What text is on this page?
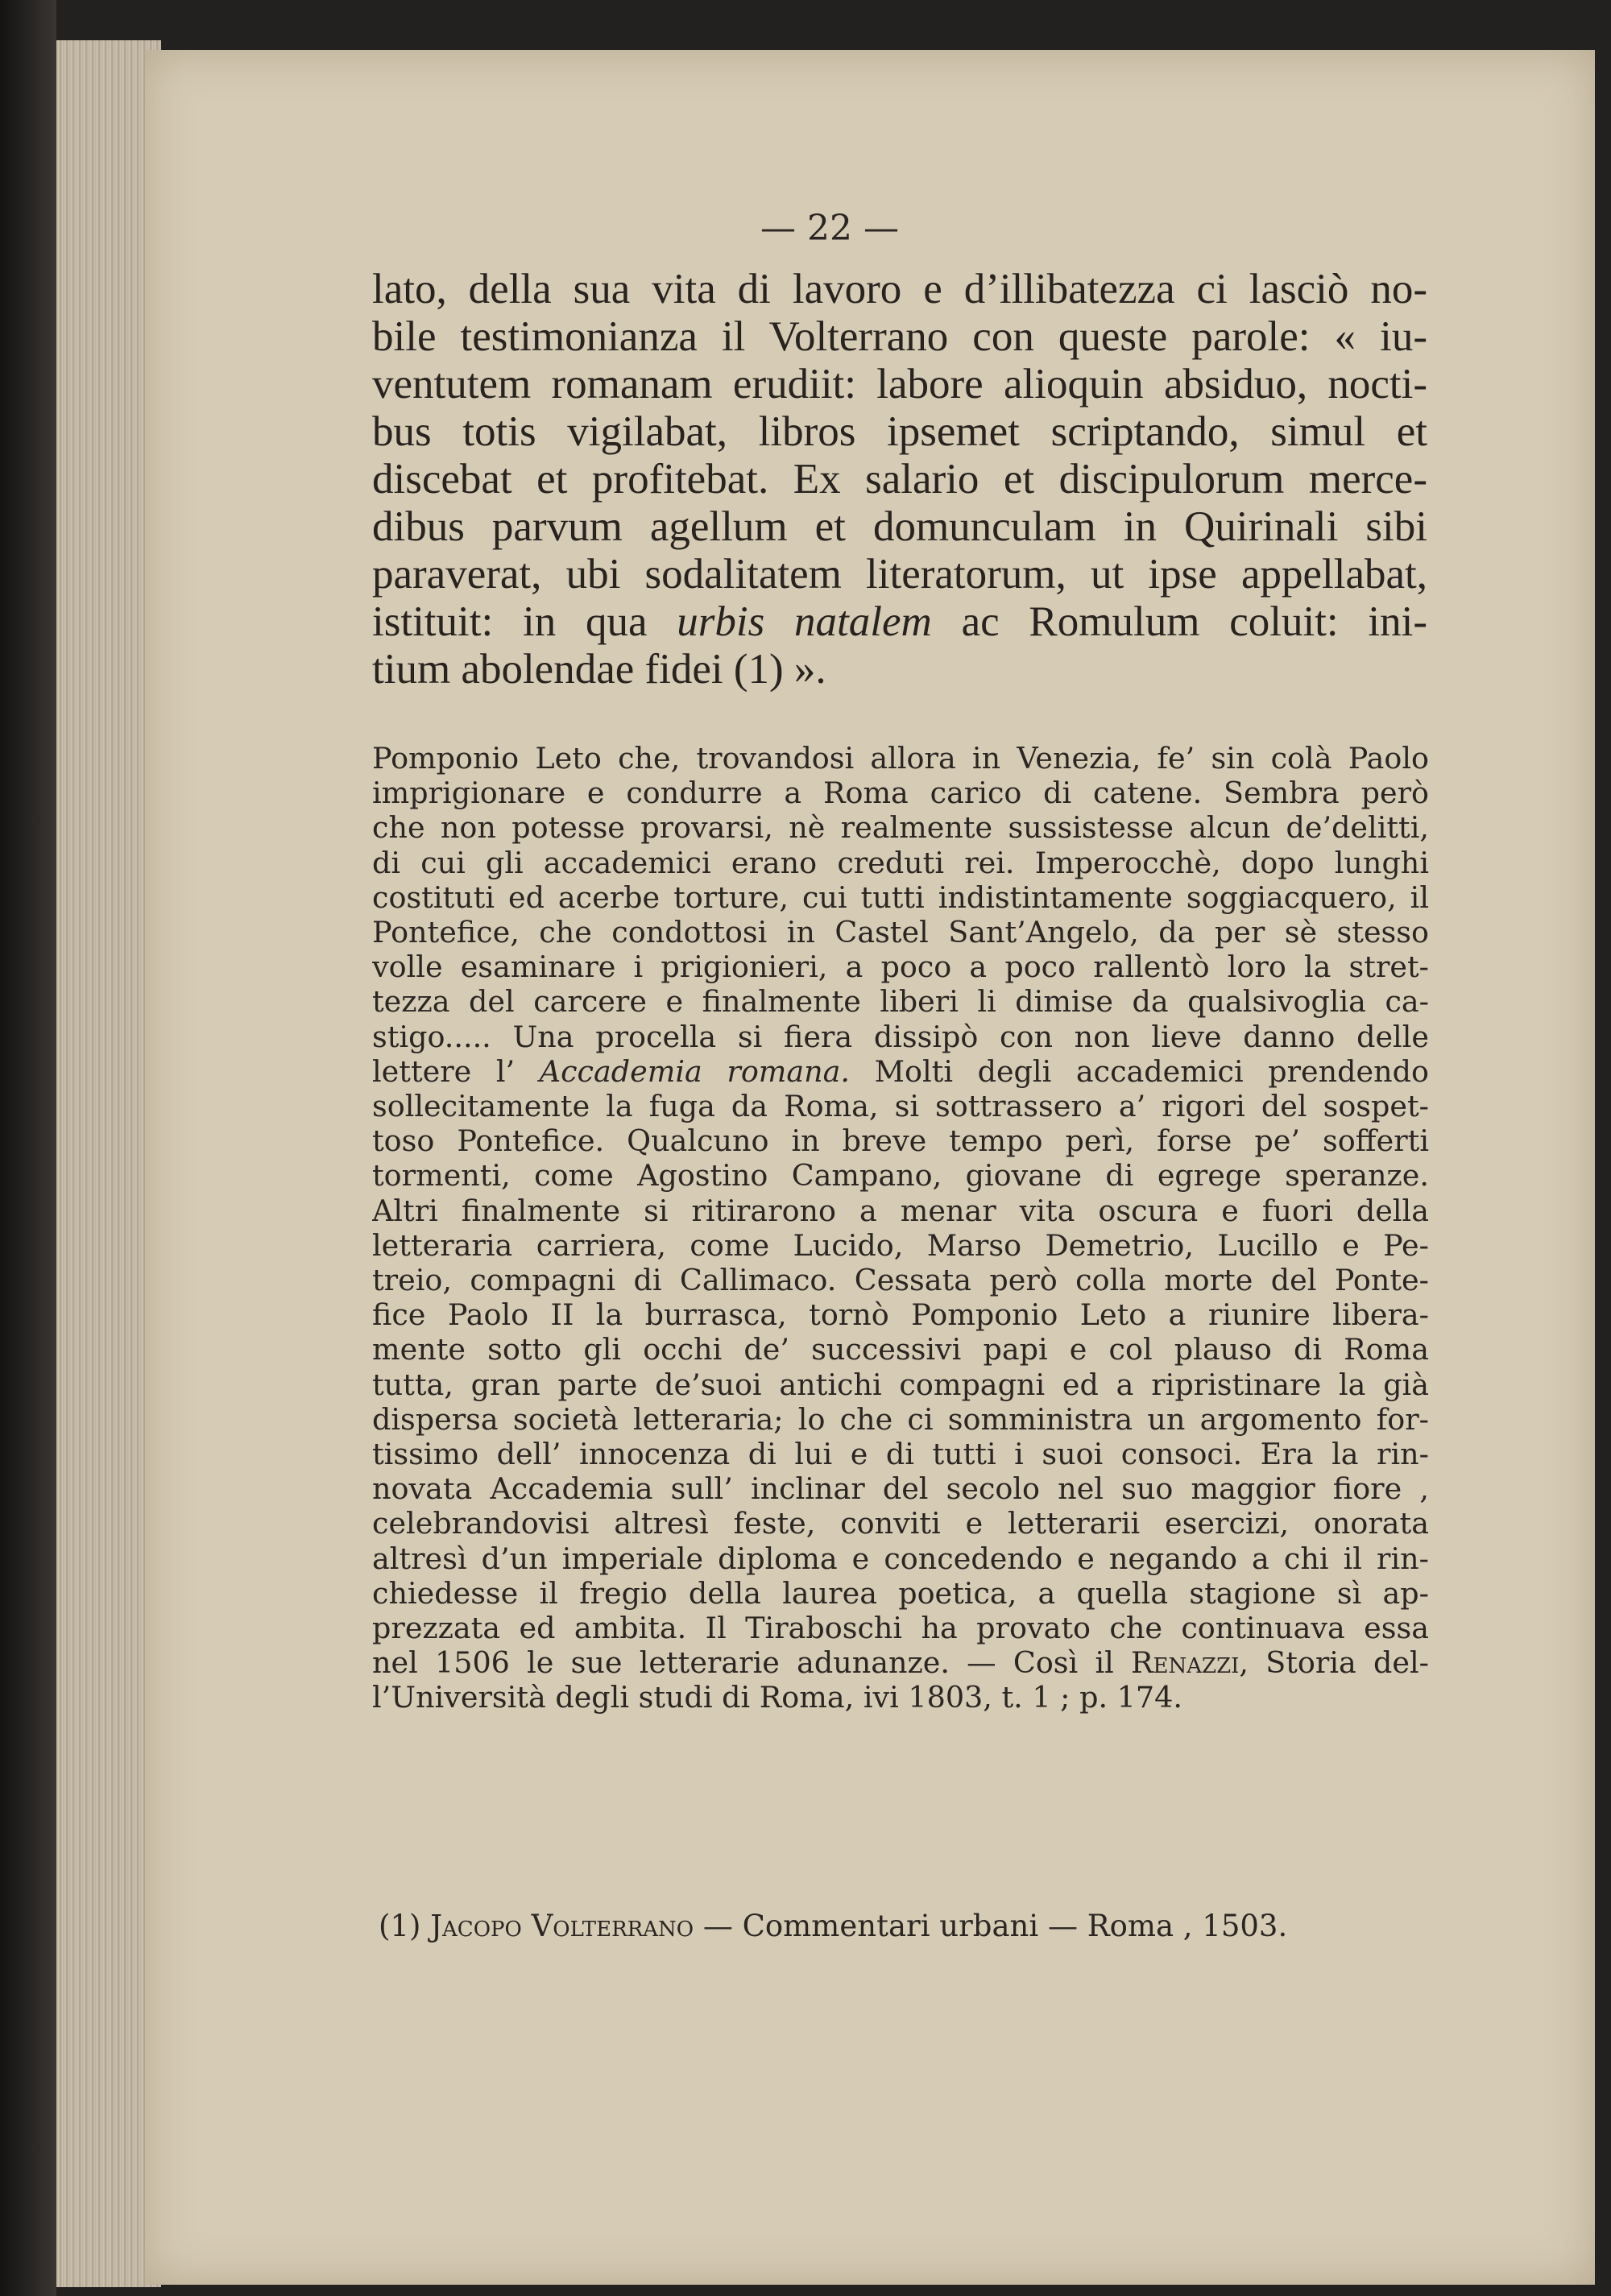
— 22 —
lato, della sua vita di lavoro e d’illibatezza ci lasciò no-
bile testimonianza il Volterrano con queste parole: « iu-
ventutem romanam erudiit: labore alioquin absiduo, nocti-
bus totis vigilabat, libros ipsemet scriptando, simul et
discebat et profitebat. Ex salario et discipulorum merce-
dibus parvum agellum et domunculam in Quirinali sibi
paraverat, ubi sodalitatem literatorum, ut ipse appellabat,
istituit: in qua urbis natalem ac Romulum coluit: ini-
tium abolendae fidei (1) ».
Pomponio Leto che, trovandosi allora in Venezia, fe’ sin colà Paolo
imprigionare e condurre a Roma carico di catene. Sembra però
che non potesse provarsi, nè realmente sussistesse alcun de’delitti,
di cui gli accademici erano creduti rei. Imperocchè, dopo lunghi
costituti ed acerbe torture, cui tutti indistintamente soggiacquero, il
Pontefice, che condottosi in Castel Sant’Angelo, da per sè stesso
volle esaminare i prigionieri, a poco a poco rallentò loro la stret-
tezza del carcere e finalmente liberi li dimise da qualsivoglia ca-
stigo..... Una procella si fiera dissipò con non lieve danno delle
lettere l’ Accademia romana. Molti degli accademici prendendo
sollecitamente la fuga da Roma, si sottrassero a’ rigori del sospet-
toso Pontefice. Qualcuno in breve tempo perì, forse pe’ sofferti
tormenti, come Agostino Campano, giovane di egrege speranze.
Altri finalmente si ritirarono a menar vita oscura e fuori della
letteraria carriera, come Lucido, Marso Demetrio, Lucillo e Pe-
treio, compagni di Callimaco. Cessata però colla morte del Ponte-
fice Paolo II la burrasca, tornò Pomponio Leto a riunire libera-
mente sotto gli occhi de’ successivi papi e col plauso di Roma
tutta, gran parte de’suoi antichi compagni ed a ripristinare la già
dispersa società letteraria; lo che ci somministra un argomento for-
tissimo dell’ innocenza di lui e di tutti i suoi consoci. Era la rin-
novata Accademia sull’ inclinar del secolo nel suo maggior fiore ,
celebrandovisi altresì feste, conviti e letterarii esercizi, onorata
altresì d’un imperiale diploma e concedendo e negando a chi il rin-
chiedesse il fregio della laurea poetica, a quella stagione sì ap-
prezzata ed ambita. Il Tiraboschi ha provato che continuava essa
nel 1506 le sue letterarie adunanze. — Così il Renazzi, Storia del-
l’Università degli studi di Roma, ivi 1803, t. 1 ; p. 174.
(1) Jacopo Volterrano — Commentari urbani — Roma , 1503.
